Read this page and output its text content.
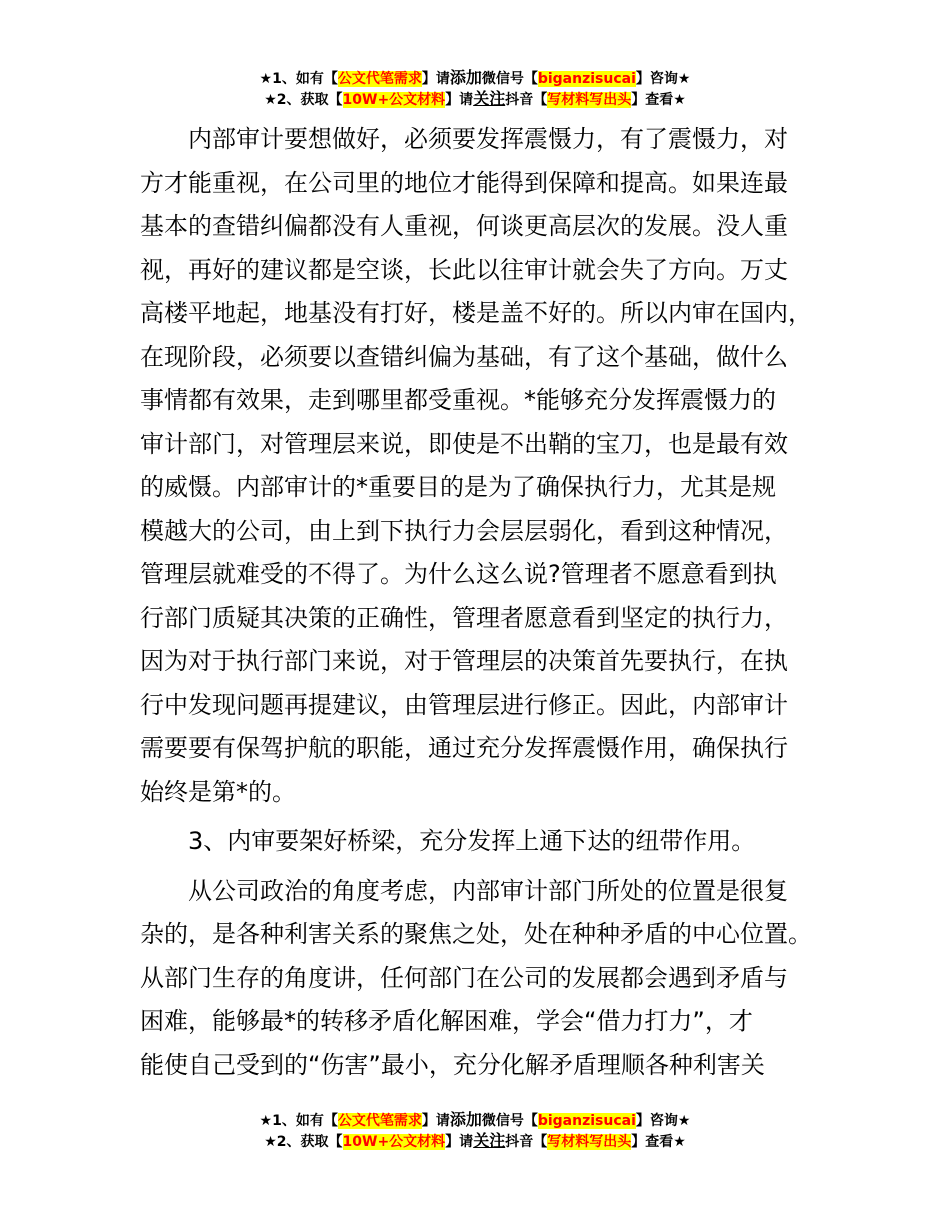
★1、如有【公文代笔需求】请添加微信号【biganzisucai】咨询★
★2、获取【10W+公文材料】请关注抖音【写材料写出头】查看★
内部审计要想做好，必须要发挥震慑力，有了震慑力，对
方才能重视，在公司里的地位才能得到保障和提高。如果连最
基本的查错纠偏都没有人重视，何谈更高层次的发展。没人重
视，再好的建议都是空谈，长此以往审计就会失了方向。万丈
高楼平地起，地基没有打好，楼是盖不好的。所以内审在国内，
在现阶段，必须要以查错纠偏为基础，有了这个基础，做什么
事情都有效果，走到哪里都受重视。*能够充分发挥震慑力的
审计部门，对管理层来说，即使是不出鞘的宝刀，也是最有效
的威慑。内部审计的*重要目的是为了确保执行力，尤其是规
模越大的公司，由上到下执行力会层层弱化，看到这种情况，
管理层就难受的不得了。为什么这么说?管理者不愿意看到执
行部门质疑其决策的正确性，管理者愿意看到坚定的执行力，
因为对于执行部门来说，对于管理层的决策首先要执行，在执
行中发现问题再提建议，由管理层进行修正。因此，内部审计
需要要有保驾护航的职能，通过充分发挥震慑作用，确保执行
始终是第*的。
3、内审要架好桥梁，充分发挥上通下达的纽带作用。
从公司政治的角度考虑，内部审计部门所处的位置是很复
杂的，是各种利害关系的聚焦之处，处在种种矛盾的中心位置。
从部门生存的角度讲，任何部门在公司的发展都会遇到矛盾与
困难，能够最*的转移矛盾化解困难，学会“借力打力”，才
能使自己受到的“伤害”最小，充分化解矛盾理顺各种利害关
★1、如有【公文代笔需求】请添加微信号【biganzisucai】咨询★
★2、获取【10W+公文材料】请关注抖音【写材料写出头】查看★
